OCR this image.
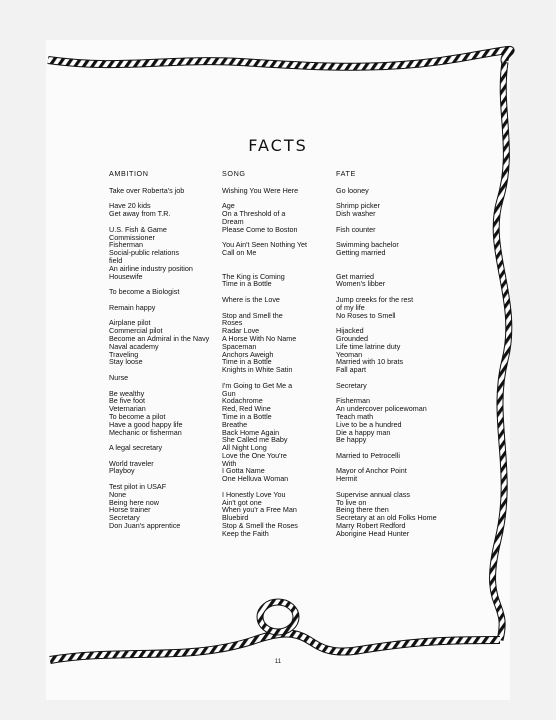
FACTS
AMBITION
Take over Roberta's job
Have 20 kids
Get away from T.R.
U.S. Fish & Game
Commissioner
Fisherman
Social-public relations
field
An airline industry position
Housewife
To become a Biologist
Remain happy
Airplane pilot
Commercial pilot
Become an Admiral in the Navy
Naval academy
Traveling
Stay loose
Nurse
Be wealthy
Be five foot
Veternarian
To become a pilot
Have a good happy life
Mechanic or fisherman
A legal secretary
World traveler
Playboy
Test pilot in USAF
None
Being here now
Horse trainer
Secretary
Don Juan's apprentice
SONG
Wishing You Were Here
Age
On a Threshold of a
Dream
Please Come to Boston
You Ain't Seen Nothing Yet
Call on Me

The King is Coming
Time in a Bottle
Where is the Love
Stop and Smell the
Roses
Radar Love
A Horse With No Name
Spaceman
Anchors Aweigh
Time in a Bottle
Knights in White Satin
I'm Going to Get Me a
Gun
Kodachrome
Red, Red Wine
Time in a Bottle
Breathe
Back Home Again
She Called me Baby
All Night Long
Love the One You're
With
I Gotta Name
One Helluva Woman
I Honestly Love You
Ain't got one
When you'r a Free Man
Bluebird
Stop & Smell the Roses
Keep the Faith
FATE
Go looney
Shrimp picker
Dish washer
Fish counter
Swimming bachelor
Getting married

Get married
Women's libber
Jump creeks for the rest
of my life
No Roses to Smell
Hijacked
Grounded
Life time latrine duty
Yeoman
Married with 10 brats
Fall apart
Secretary
Fisherman
An undercover policewoman
Teach math
Live to be a hundred
Die a happy man
Be happy
Married to Petrocelli
Mayor of Anchor Point
Hermit
Supervise annual class
To live on
Being there then
Secretary at an old Folks Home
Marry Robert Redford
Aborigine Head Hunter
11
